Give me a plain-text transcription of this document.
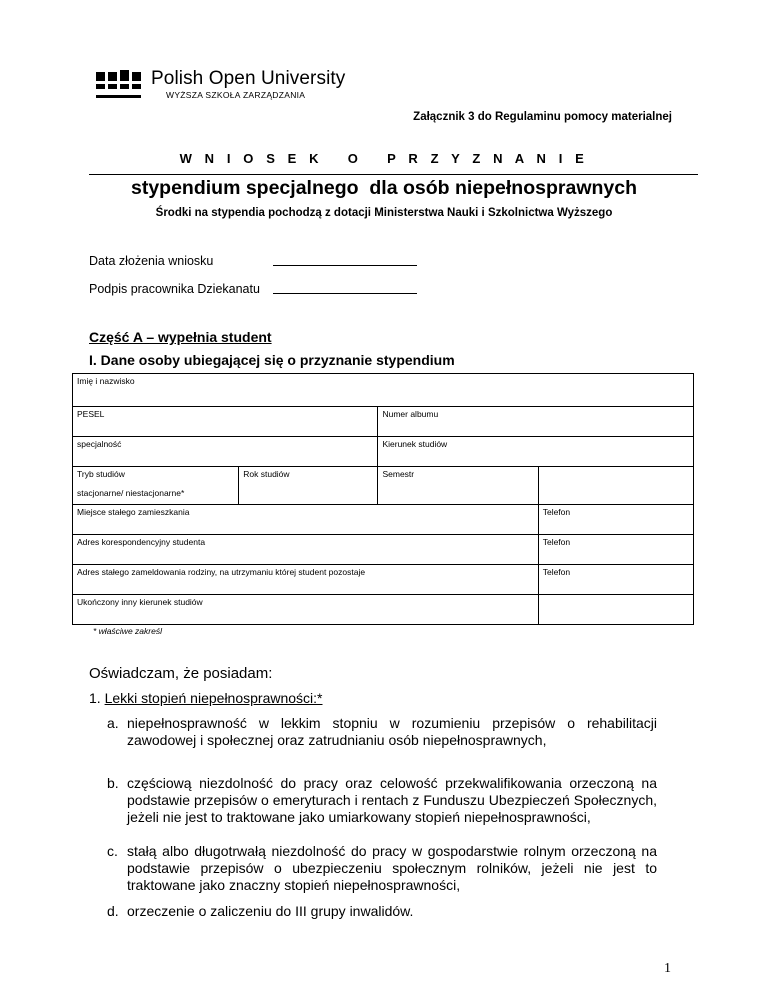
Polish Open University
WYŻSZA SZKOŁA ZARZĄDZANIA
Załącznik 3 do Regulaminu pomocy materialnej
W N I O S E K   O   P R Z Y Z N A N I E
stypendium specjalnego  dla osób niepełnosprawnych
Środki na stypendia pochodzą z dotacji Ministerstwa Nauki i Szkolnictwa Wyższego
Data złożenia wniosku
Podpis pracownika Dziekanatu
Część A – wypełnia student
I. Dane osoby ubiegającej się o przyznanie stypendium
Imię i nazwisko			
PESEL		Numer albumu	
specjalność		Kierunek studiów	

Tryb studiów
stacjonarne/ niestacjonarne*	Rok studiów	Semestr	
Miejsce stałego zamieszkania			Telefon
Adres korespondencyjny studenta			Telefon
Adres stałego zameldowania rodziny, na utrzymaniu której student pozostaje			Telefon
Ukończony inny kierunek studiów			
* właściwe zakreśl
Oświadczam, że posiadam:
1. Lekki stopień niepełnosprawności:*
a. niepełnosprawność w lekkim stopniu w rozumieniu przepisów o rehabilitacji zawodowej i społecznej oraz zatrudnianiu osób niepełnosprawnych,
b. częściową niezdolność do pracy oraz celowość przekwalifikowania orzeczoną na podstawie przepisów o emeryturach i rentach z Funduszu Ubezpieczeń Społecznych, jeżeli nie jest to traktowane jako umiarkowany stopień niepełnosprawności,
c. stałą albo długotrwałą niezdolność do pracy w gospodarstwie rolnym orzeczoną na podstawie przepisów o ubezpieczeniu społecznym rolników, jeżeli nie jest to traktowane jako znaczny stopień niepełnosprawności,
d. orzeczenie o zaliczeniu do III grupy inwalidów.
1
